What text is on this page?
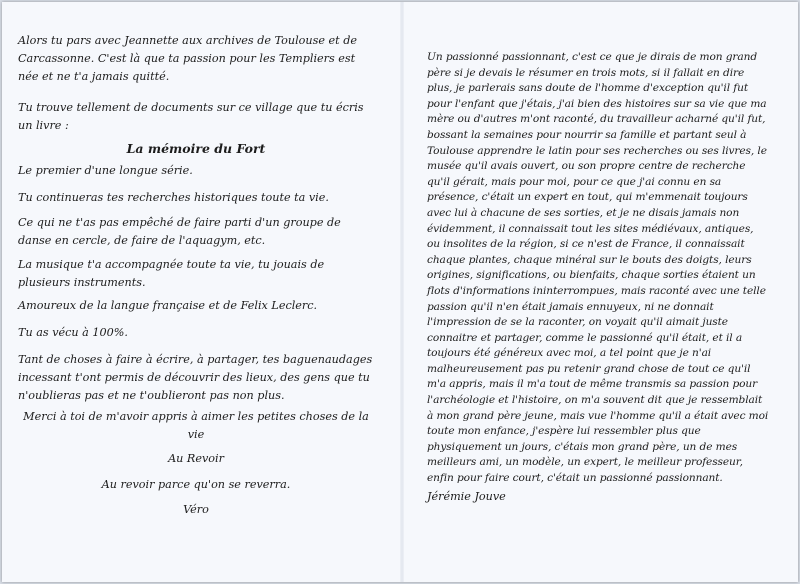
Alors tu pars avec Jeannette aux archives de Toulouse et de Carcassonne. C'est là que ta passion pour les Templiers est née et ne t'a jamais quitté.
Tu trouve tellement de documents sur ce village que tu écris un livre :
La mémoire du Fort
Le premier d'une longue série.
Tu continueras tes recherches historiques toute ta vie.
Ce qui ne t'as pas empêché de faire parti d'un groupe de danse en cercle, de faire de l'aquagym, etc.
La musique t'a accompagnée toute ta vie, tu jouais de plusieurs instruments.
Amoureux de la langue française et de Felix Leclerc.
Tu as vécu à 100%.
Tant de choses à faire à écrire, à partager, tes baguenaudages incessant t'ont permis de découvrir des lieux, des gens que tu n'oublieras pas et ne t'oublieront pas non plus.
Merci à toi de m'avoir appris à aimer les petites choses de la vie
Au Revoir
Au revoir parce qu'on se reverra.
Véro
Un passionné passionnant, c'est ce que je dirais de mon grand père si je devais le résumer en trois mots, si il fallait en dire plus, je parlerais sans doute de l'homme d'exception qu'il fut pour l'enfant que j'étais, j'ai bien des histoires sur sa vie que ma mère ou d'autres m'ont raconté, du travailleur acharné qu'il fut, bossant la semaines pour nourrir sa famille et partant seul à Toulouse apprendre le latin pour ses recherches ou ses livres, le musée qu'il avais ouvert, ou son propre centre de recherche qu'il gérait, mais pour moi, pour ce que j'ai connu en sa présence, c'était un expert en tout, qui m'emmenait toujours avec lui à chacune de ses sorties, et je ne disais jamais non évidemment, il connaissait tout les sites médiévaux, antiques, ou insolites de la région, si ce n'est de France, il connaissait chaque plantes, chaque minéral sur le bouts des doigts, leurs origines, significations, ou bienfaits, chaque sorties étaient un flots d'informations ininterrompues, mais raconté avec une telle passion qu'il n'en était jamais ennuyeux, ni ne donnait l'impression de se la raconter, on voyait qu'il aimait juste connaitre et partager, comme le passionné qu'il était, et il a toujours été généreux avec moi, a tel point que je n'ai malheureusement pas pu retenir grand chose de tout ce qu'il m'a appris, mais il m'a tout de même transmis sa passion pour l'archéologie et l'histoire, on m'a souvent dit que je ressemblait à mon grand père jeune, mais vue l'homme qu'il a était avec moi toute mon enfance, j'espère lui ressembler plus que physiquement un jours, c'étais mon grand père, un de mes meilleurs ami, un modèle, un expert, le meilleur professeur, enfin pour faire court, c'était un passionné passionnant.
Jérémie Jouve
